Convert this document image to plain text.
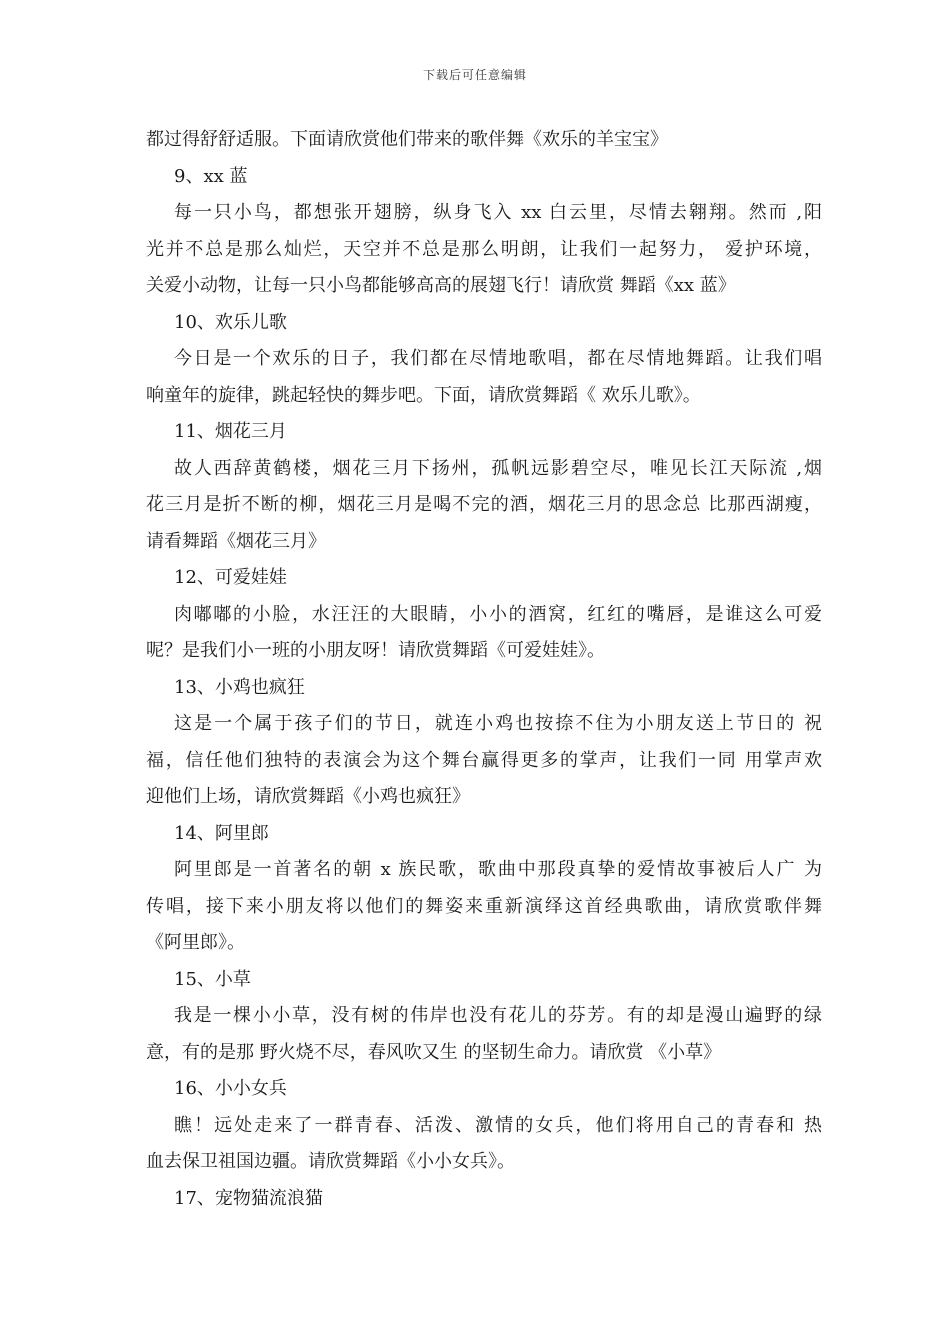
下载后可任意编辑
都过得舒舒适服。下面请欣赏他们带来的歌伴舞《欢乐的羊宝宝》
9、xx 蓝
每一只小鸟，都想张开翅膀，纵身飞入 xx 白云里，尽情去翱翔。然而 ,阳
光并不总是那么灿烂，天空并不总是那么明朗，让我们一起努力， 爱护环境，
关爱小动物，让每一只小鸟都能够高高的展翅飞行！请欣赏 舞蹈《xx 蓝》
10、欢乐儿歌
今日是一个欢乐的日子，我们都在尽情地歌唱，都在尽情地舞蹈。让我们唱
响童年的旋律，跳起轻快的舞步吧。下面，请欣赏舞蹈《 欢乐儿歌》。
11、烟花三月
故人西辞黄鹤楼，烟花三月下扬州，孤帆远影碧空尽，唯见长江天际流 ,烟
花三月是折不断的柳，烟花三月是喝不完的酒，烟花三月的思念总 比那西湖瘦，
请看舞蹈《烟花三月》
12、可爱娃娃
肉嘟嘟的小脸，水汪汪的大眼睛，小小的酒窝，红红的嘴唇，是谁这么可爱
呢？是我们小一班的小朋友呀！请欣赏舞蹈《可爱娃娃》。
13、小鸡也疯狂
这是一个属于孩子们的节日，就连小鸡也按捺不住为小朋友送上节日的 祝
福，信任他们独特的表演会为这个舞台赢得更多的掌声，让我们一同 用掌声欢
迎他们上场，请欣赏舞蹈《小鸡也疯狂》
14、阿里郎
阿里郎是一首著名的朝 x 族民歌，歌曲中那段真挚的爱情故事被后人广 为
传唱，接下来小朋友将以他们的舞姿来重新演绎这首经典歌曲，请欣赏歌伴舞
《阿里郎》。
15、小草
我是一棵小小草，没有树的伟岸也没有花儿的芬芳。有的却是漫山遍野的绿
意，有的是那 野火烧不尽，春风吹又生 的坚韧生命力。请欣赏 《小草》
16、小小女兵
瞧！远处走来了一群青春、活泼、激情的女兵，他们将用自己的青春和 热
血去保卫祖国边疆。请欣赏舞蹈《小小女兵》。
17、宠物猫流浪猫
